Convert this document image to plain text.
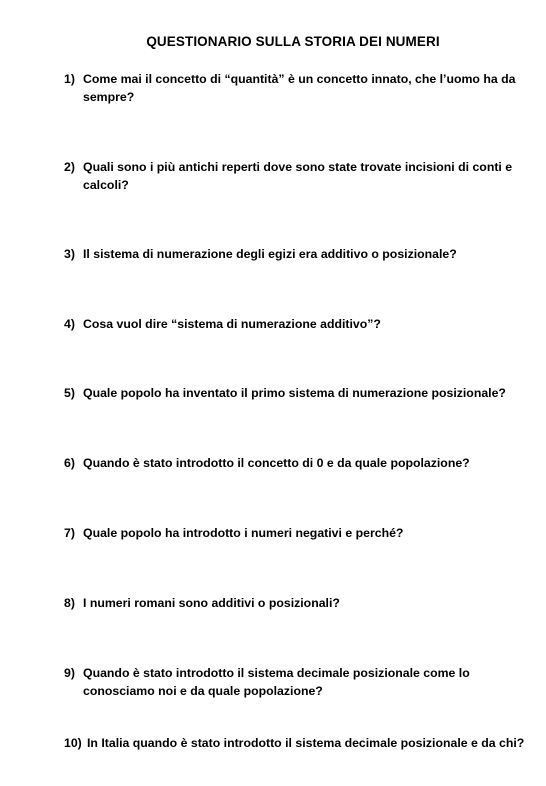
QUESTIONARIO SULLA STORIA DEI NUMERI
1) Come mai il concetto di “quantità” è un concetto innato, che l’uomo ha da sempre?
2) Quali sono i più antichi reperti dove sono state trovate incisioni di conti e calcoli?
3) Il sistema di numerazione degli egizi era additivo o posizionale?
4) Cosa vuol dire “sistema di numerazione additivo”?
5) Quale popolo ha inventato il primo sistema di numerazione posizionale?
6) Quando è stato introdotto il concetto di 0 e da quale popolazione?
7) Quale popolo ha introdotto i numeri negativi e perché?
8) I numeri romani sono additivi o posizionali?
9) Quando è stato introdotto il sistema decimale posizionale come lo conosciamo noi e da quale popolazione?
10) In Italia quando è stato introdotto il sistema decimale posizionale e da chi?
